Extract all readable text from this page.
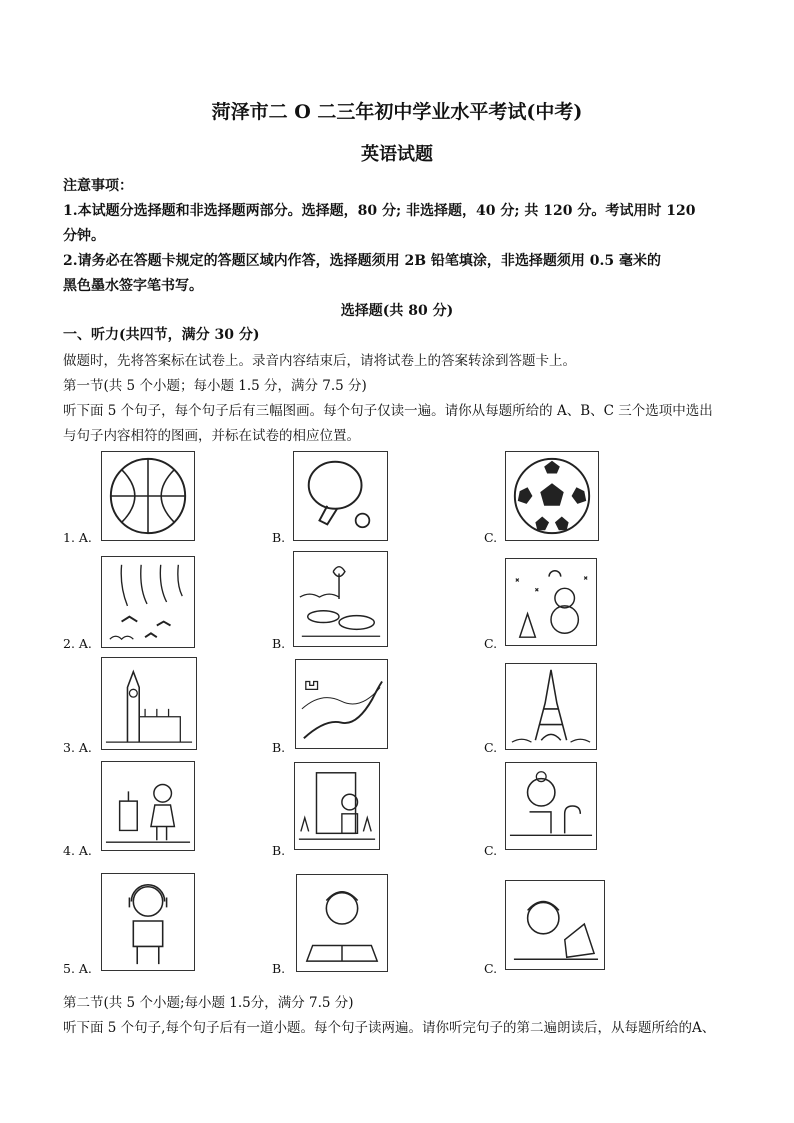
菏泽市二 O 二三年初中学业水平考试(中考)
英语试题
注意事项：
1.本试题分选择题和非选择题两部分。选择题，80 分; 非选择题，40 分; 共 120 分。考试用时 120
分钟。
2.请务必在答题卡规定的答题区域内作答，选择题须用 2B 铅笔填涂，非选择题须用 0.5 毫米的
黑色墨水签字笔书写。
选择题(共 80 分)
一、听力(共四节，满分 30 分)
做题时，先将答案标在试卷上。录音内容结束后，请将试卷上的答案转涂到答题卡上。
第一节(共 5 个小题；每小题 1.5 分，满分 7.5 分)
听下面 5 个句子，每个句子后有三幅图画。每个句子仅读一遍。请你从每题所给的 A、B、C 三个选项中选出
与句子内容相符的图画，并标在试卷的相应位置。
1. A.	B.	C.
2. A.	B.	C.
3. A.	B.	C.
4. A.	B.	C.
5. A.	B.	C.
第二节(共 5 个小题;每小题 1.5分，满分 7.5 分)
听下面 5 个句子,每个句子后有一道小题。每个句子读两遍。请你听完句子的第二遍朗读后，从每题所给的A、
